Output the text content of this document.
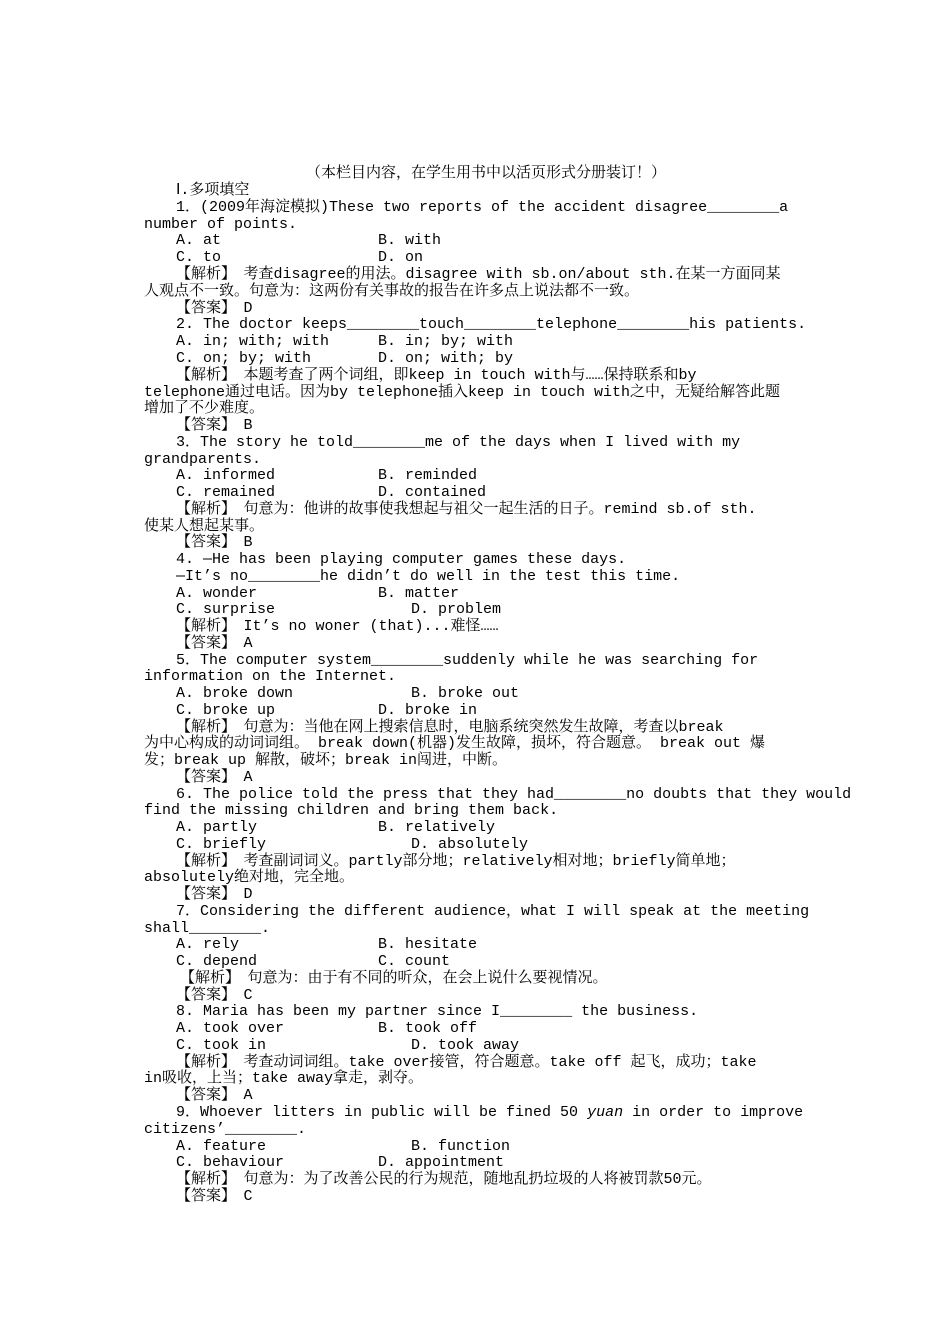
（本栏目内容，在学生用书中以活页形式分册装订！）
Ⅰ.多项填空
1．(2009年海淀模拟)These two reports of the accident disagree________a
number of points.
A. at	B. with
C. to	D. on
【解析】　考查disagree的用法。disagree with sb.on/about sth.在某一方面同某
人观点不一致。句意为：这两份有关事故的报告在许多点上说法都不一致。
【答案】　D
2. The doctor keeps________touch________telephone________his patients.
A. in; with; with	B. in; by; with
C. on; by; with	D. on; with; by
【解析】　本题考查了两个词组，即keep in touch with与……保持联系和by
telephone通过电话。因为by telephone插入keep in touch with之中，无疑给解答此题
增加了不少难度。
【答案】　B
3．The story he told________me of the days when I lived with my
grandparents.
A. informed	B. reminded
C. remained	D. contained
【解析】　句意为：他讲的故事使我想起与祖父一起生活的日子。remind sb.of sth.
使某人想起某事。
【答案】　B
4. —He has been playing computer games these days.
—It’s no________he didn’t do well in the test this time.
A. wonder	B. matter
C. surprise	D. problem
【解析】　It’s no woner (that)...难怪……
【答案】　A
5．The computer system________suddenly while he was searching for
information on the Internet.
A. broke down	B. broke out
C. broke up	D. broke in
【解析】　句意为：当他在网上搜索信息时，电脑系统突然发生故障，考查以break
为中心构成的动词词组。 break down(机器)发生故障，损坏，符合题意。 break out 爆
发；break up 解散，破坏；break in闯进，中断。
【答案】　A
6. The police told the press that they had________no doubts that they would
find the missing children and bring them back.
A. partly	B. relatively
C. briefly	D. absolutely
【解析】　考查副词词义。partly部分地；relatively相对地；briefly简单地；
absolutely绝对地，完全地。
【答案】　D
7．Considering the different audience，what I will speak at the meeting
shall________.
A. rely	B. hesitate
C. depend	C. count
【解析】　句意为：由于有不同的听众，在会上说什么要视情况。
【答案】　C
8. Maria has been my partner since I________ the business.
A. took over	B. took off
C. took in	D. took away
【解析】　考查动词词组。take over接管，符合题意。take off 起飞，成功；take
in吸收，上当；take away拿走，剥夺。
【答案】　A
9．Whoever litters in public will be fined 50 yuan in order to improve
citizens’________.
A. feature	B. function
C. behaviour	D. appointment
【解析】　句意为：为了改善公民的行为规范，随地乱扔垃圾的人将被罚款50元。
【答案】　C
